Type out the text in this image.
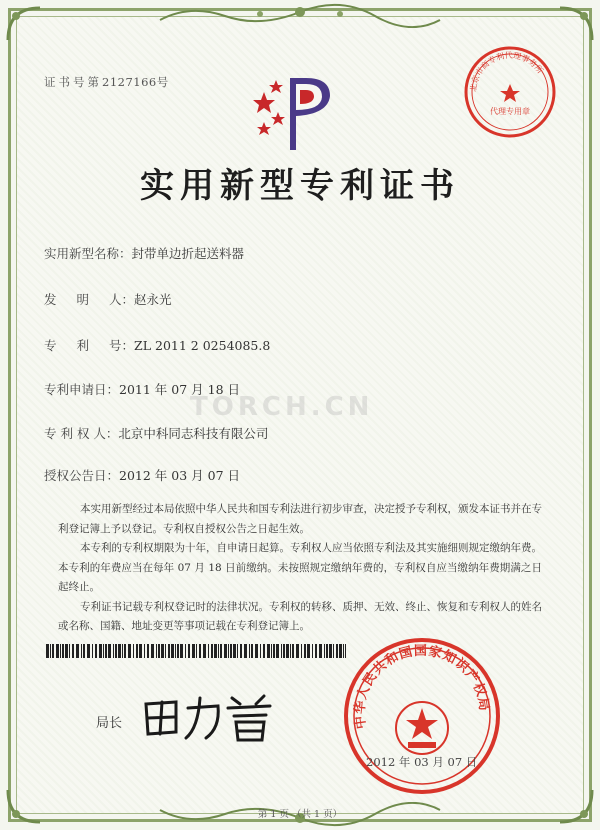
证书号第2127166号	北京市商专利代理事务所
代理专用章
实用新型专利证书
实用新型名称：封带单边折起送料器
发明人：赵永光
专利号：ZL 2011 2 0254085.8
专利申请日：2011 年 07 月 18 日
专 利 权 人：北京中科同志科技有限公司
授权公告日：2012 年 03 月 07 日
TORCH.CN

本实用新型经过本局依照中华人民共和国专利法进行初步审查，决定授予专利权，颁发本证书并在专利登记簿上予以登记。专利权自授权公告之日起生效。

本专利的专利权期限为十年，自申请日起算。专利权人应当依照专利法及其实施细则规定缴纳年费。本专利的年费应当在每年 07 月 18 日前缴纳。未按照规定缴纳年费的，专利权自应当缴纳年费期满之日起终止。

专利证书记载专利权登记时的法律状况。专利权的转移、质押、无效、终止、恢复和专利权人的姓名或名称、国籍、地址变更等事项记载在专利登记簿上。

局长	中华人民共和国国家知识产权局
2012 年 03 月 07 日
第 1 页 （共 1 页）
